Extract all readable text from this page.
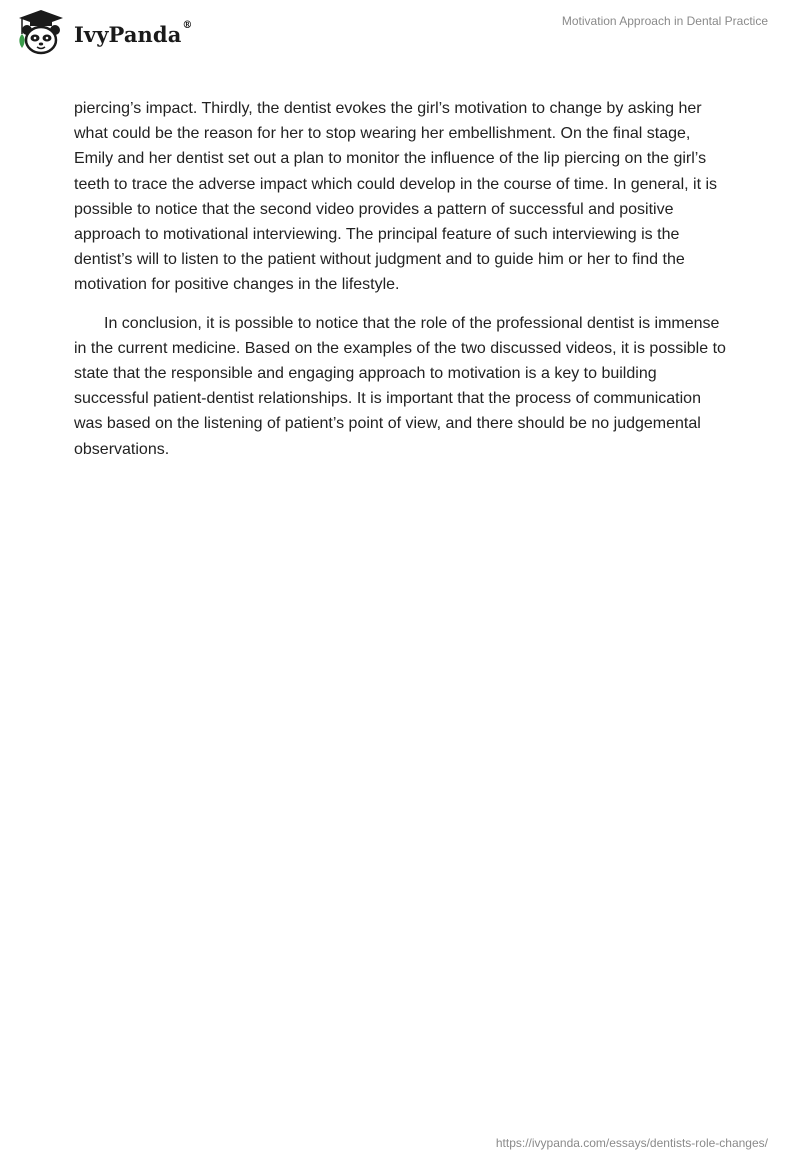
IvyPanda®	Motivation Approach in Dental Practice

piercing’s impact. Thirdly, the dentist evokes the girl’s motivation to change by asking her what could be the reason for her to stop wearing her embellishment. On the final stage, Emily and her dentist set out a plan to monitor the influence of the lip piercing on the girl’s teeth to trace the adverse impact which could develop in the course of time. In general, it is possible to notice that the second video provides a pattern of successful and positive approach to motivational interviewing. The principal feature of such interviewing is the dentist’s will to listen to the patient without judgment and to guide him or her to find the motivation for positive changes in the lifestyle.

In conclusion, it is possible to notice that the role of the professional dentist is immense in the current medicine. Based on the examples of the two discussed videos, it is possible to state that the responsible and engaging approach to motivation is a key to building successful patient-dentist relationships. It is important that the process of communication was based on the listening of patient’s point of view, and there should be no judgemental observations.

https://ivypanda.com/essays/dentists-role-changes/
